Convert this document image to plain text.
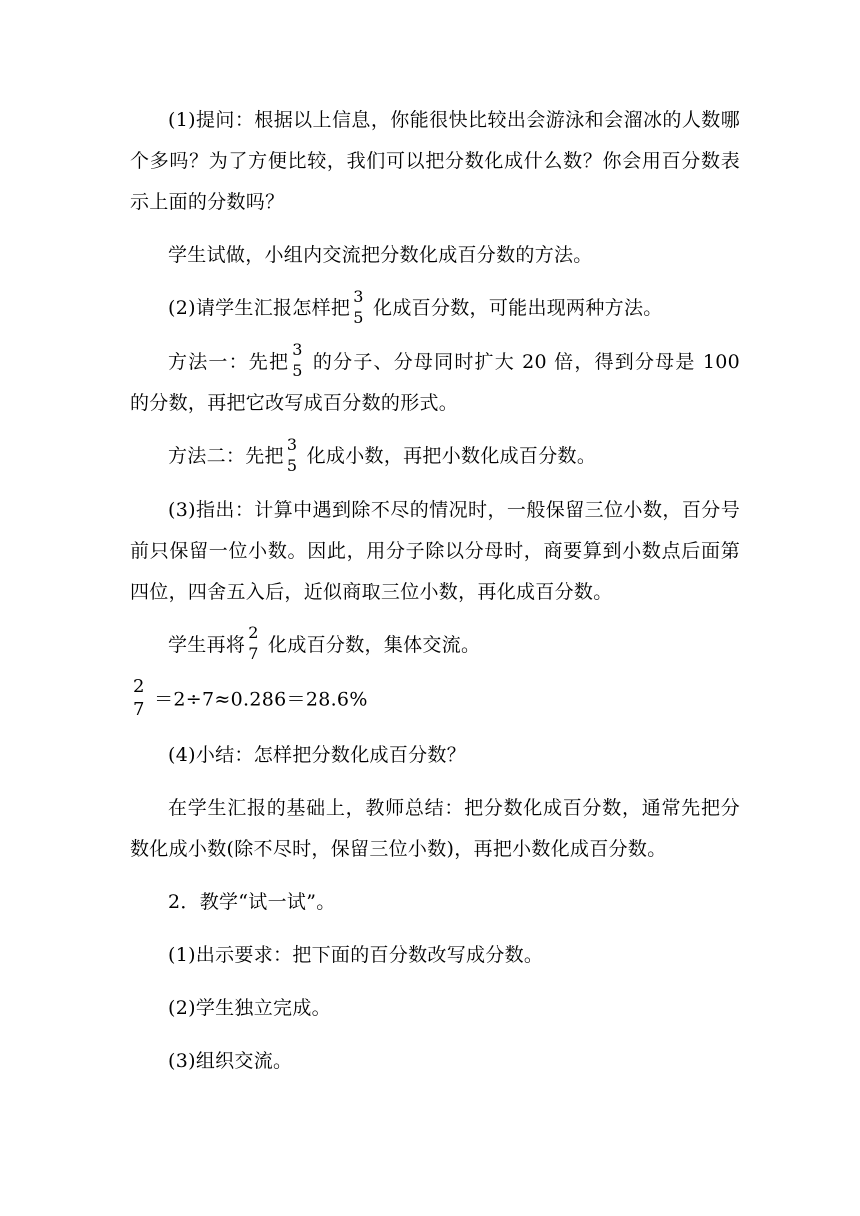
(1)提问：根据以上信息，你能很快比较出会游泳和会溜冰的人数哪个多吗？为了方便比较，我们可以把分数化成什么数？你会用百分数表示上面的分数吗？

学生试做，小组内交流把分数化成百分数的方法。

(2)请学生汇报怎样把
3
5 化成百分数，可能出现两种方法。

方法一：先把
3
5 的分子、分母同时扩大 20 倍，得到分母是 100 的分数，再把它改写成百分数的形式。

方法二：先把
3
5 化成小数，再把小数化成百分数。

(3)指出：计算中遇到除不尽的情况时，一般保留三位小数，百分号前只保留一位小数。因此，用分子除以分母时，商要算到小数点后面第四位，四舍五入后，近似商取三位小数，再化成百分数。

学生再将
2
7 化成百分数，集体交流。

2
7 ＝2÷7≈0.286＝28.6%

(4)小结：怎样把分数化成百分数？

在学生汇报的基础上，教师总结：把分数化成百分数，通常先把分数化成小数(除不尽时，保留三位小数)，再把小数化成百分数。

2．教学“试一试”。

(1)出示要求：把下面的百分数改写成分数。

(2)学生独立完成。

(3)组织交流。
